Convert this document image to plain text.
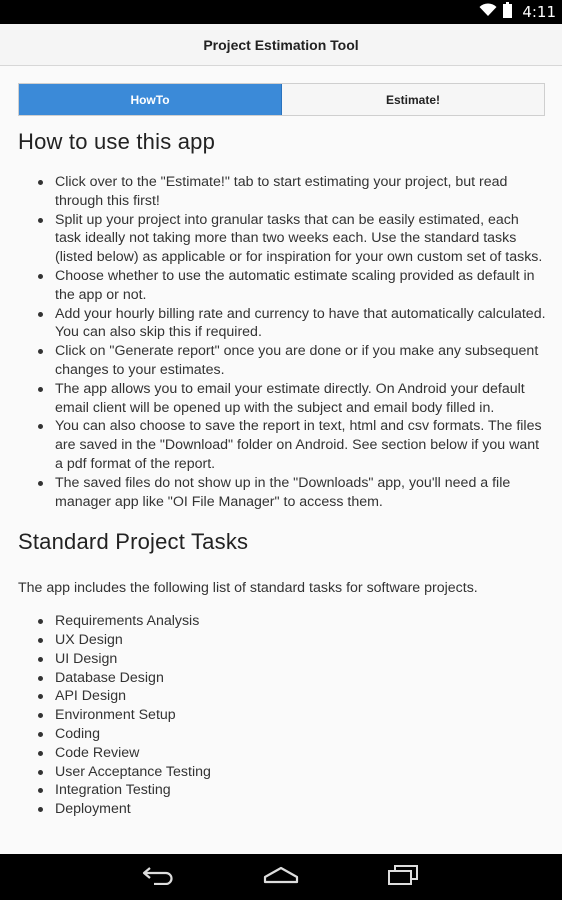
4:11
Project Estimation Tool
HowTo	Estimate!
How to use this app
Click over to the "Estimate!" tab to start estimating your project, but read through this first!
Split up your project into granular tasks that can be easily estimated, each task ideally not taking more than two weeks each. Use the standard tasks (listed below) as applicable or for inspiration for your own custom set of tasks.
Choose whether to use the automatic estimate scaling provided as default in the app or not.
Add your hourly billing rate and currency to have that automatically calculated. You can also skip this if required.
Click on "Generate report" once you are done or if you make any subsequent changes to your estimates.
The app allows you to email your estimate directly. On Android your default email client will be opened up with the subject and email body filled in.
You can also choose to save the report in text, html and csv formats. The files are saved in the "Download" folder on Android. See section below if you want a pdf format of the report.
The saved files do not show up in the "Downloads" app, you'll need a file manager app like "OI File Manager" to access them.
Standard Project Tasks

The app includes the following list of standard tasks for software projects.

Requirements Analysis
UX Design
UI Design
Database Design
API Design
Environment Setup
Coding
Code Review
User Acceptance Testing
Integration Testing
Deployment
